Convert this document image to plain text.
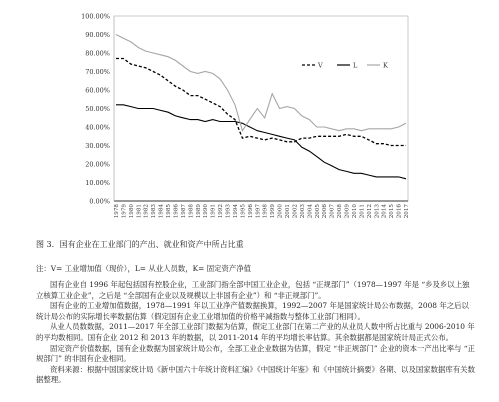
0.00%
10.00%
20.00%
30.00%
40.00%
50.00%
60.00%
70.00%
80.00%
90.00%
100.00%
1978 1979 1980 1981 1982 1983 1984 1985 1986 1987 1988 1989 1990 1991 1992 1993 1994 1995 1996 1997 1998 1999 2000 2001 2002 2003 2004 2005 2006 2007 2008 2009 2010 2011 2012 2013 2014 2015 2016 2017
V	L	K
图 3．国有企业在工业部门的产出、就业和资产中所占比重
注：V= 工业增加值（现价），L= 从业人员数，K= 固定资产净值

国有企业自 1996 年起包括国有控股企业，工业部门指全部中国工业企业，包括 “正规部门”（1978—1997 年是 “乡及乡以上独立核算工业企业”，之后是 “全部国有企业以及规模以上非国有企业”）和 “非正规部门”。

国有企业的工业增加值数据，1978—1991 年以工业净产值数据换算，1992—2007 年是国家统计局公布数据，2008 年之后以统计局公布的实际增长率数据估算（假定国有企业工业增加值的价格平减指数与整体工业部门相同）。

从业人员数数据，2011—2017 年全部工业部门数据为估算，假定工业部门在第二产业的从业员人数中所占比重与 2006-2010 年的平均数相同。国有企业 2012 和 2013 年的数据，以 2011-2014 年的平均增长率估算。其余数据都是国家统计局正式公布。

固定资产价值数据，国有企业数据为国家统计局公布，全部工业企业数据为估算，假定 “非正规部门” 企业的资本一产出比率与 “正规部门” 的非国有企业相同。

资料来源：根据中国国家统计局《新中国六十年统计资料汇编》《中国统计年鉴》和《中国统计摘要》各期、以及国家数据库有关数据整理。
